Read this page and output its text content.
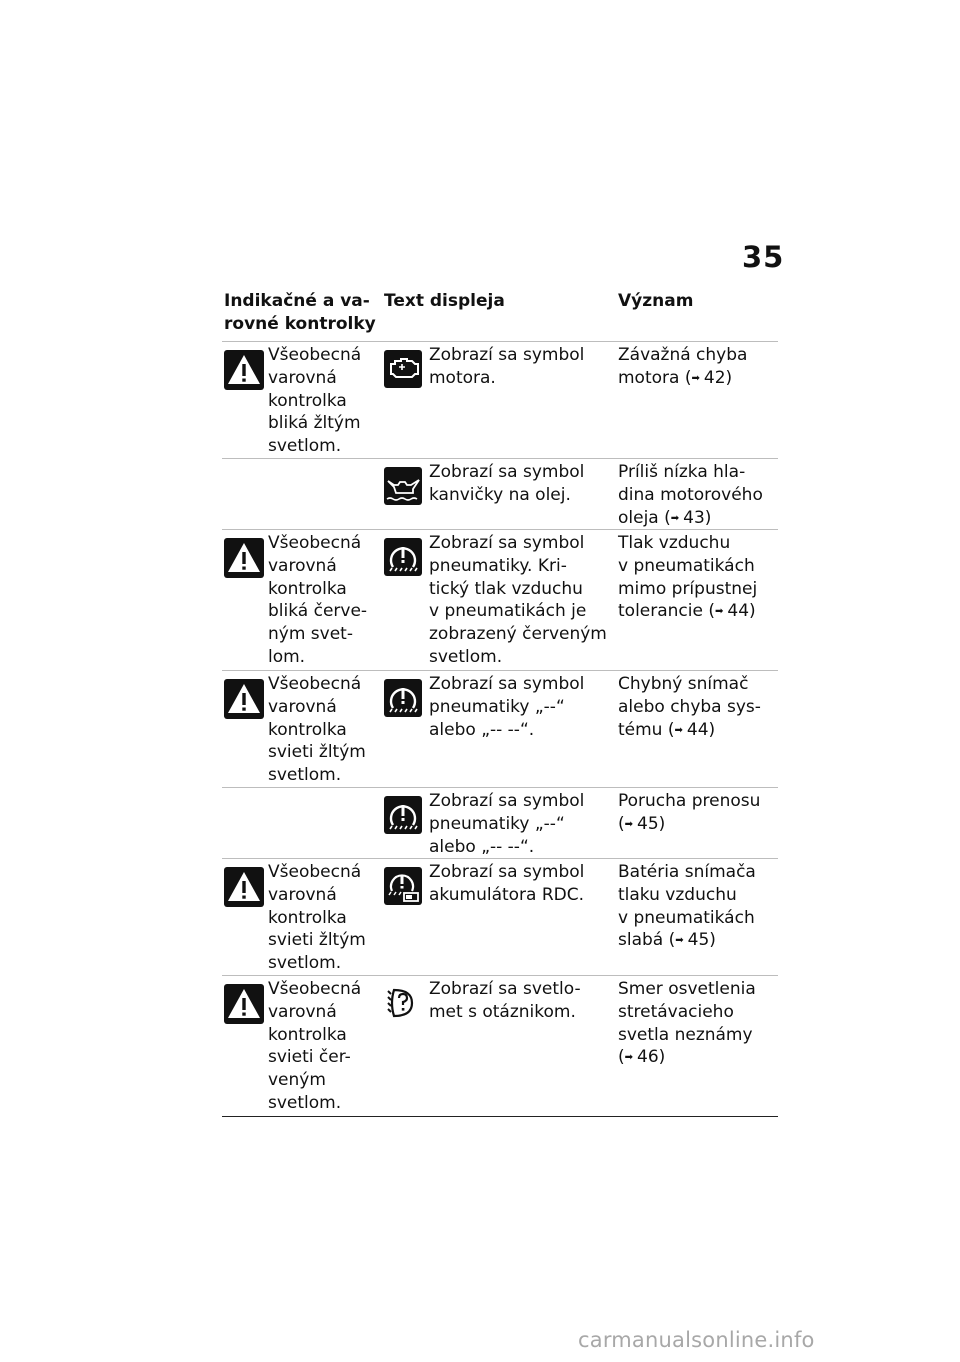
35
Indikačné a va-
rovné kontrolky
Text displeja	Význam
Všeobecná
varovná
kontrolka
bliká žltým
svetlom.
Zobrazí sa symbol
motora.
Závažná chyba
motora (➡ 42)
Zobrazí sa symbol
kanvičky na olej.
Príliš nízka hla-
dina motorového
oleja (➡ 43)
Všeobecná
varovná
kontrolka
bliká červe-
ným svet-
lom.
Zobrazí sa symbol
pneumatiky. Kri-
tický tlak vzduchu
v pneumatikách je
zobrazený červeným
svetlom.
Tlak vzduchu
v pneumatikách
mimo prípustnej
tolerancie (➡ 44)
Všeobecná
varovná
kontrolka
svieti žltým
svetlom.
Zobrazí sa symbol
pneumatiky „--“
alebo „-- --“.
Chybný snímač
alebo chyba sys-
tému (➡ 44)
Zobrazí sa symbol
pneumatiky „--“
alebo „-- --“.
Porucha prenosu
(➡ 45)
Všeobecná
varovná
kontrolka
svieti žltým
svetlom.
Zobrazí sa symbol
akumulátora RDC.
Batéria snímača
tlaku vzduchu
v pneumatikách
slabá (➡ 45)
Všeobecná
varovná
kontrolka
svieti čer-
veným
svetlom.
Zobrazí sa svetlo-
met s otáznikom.
Smer osvetlenia
stretávacieho
svetla neznámy
(➡ 46)
carmanualsonline.info
